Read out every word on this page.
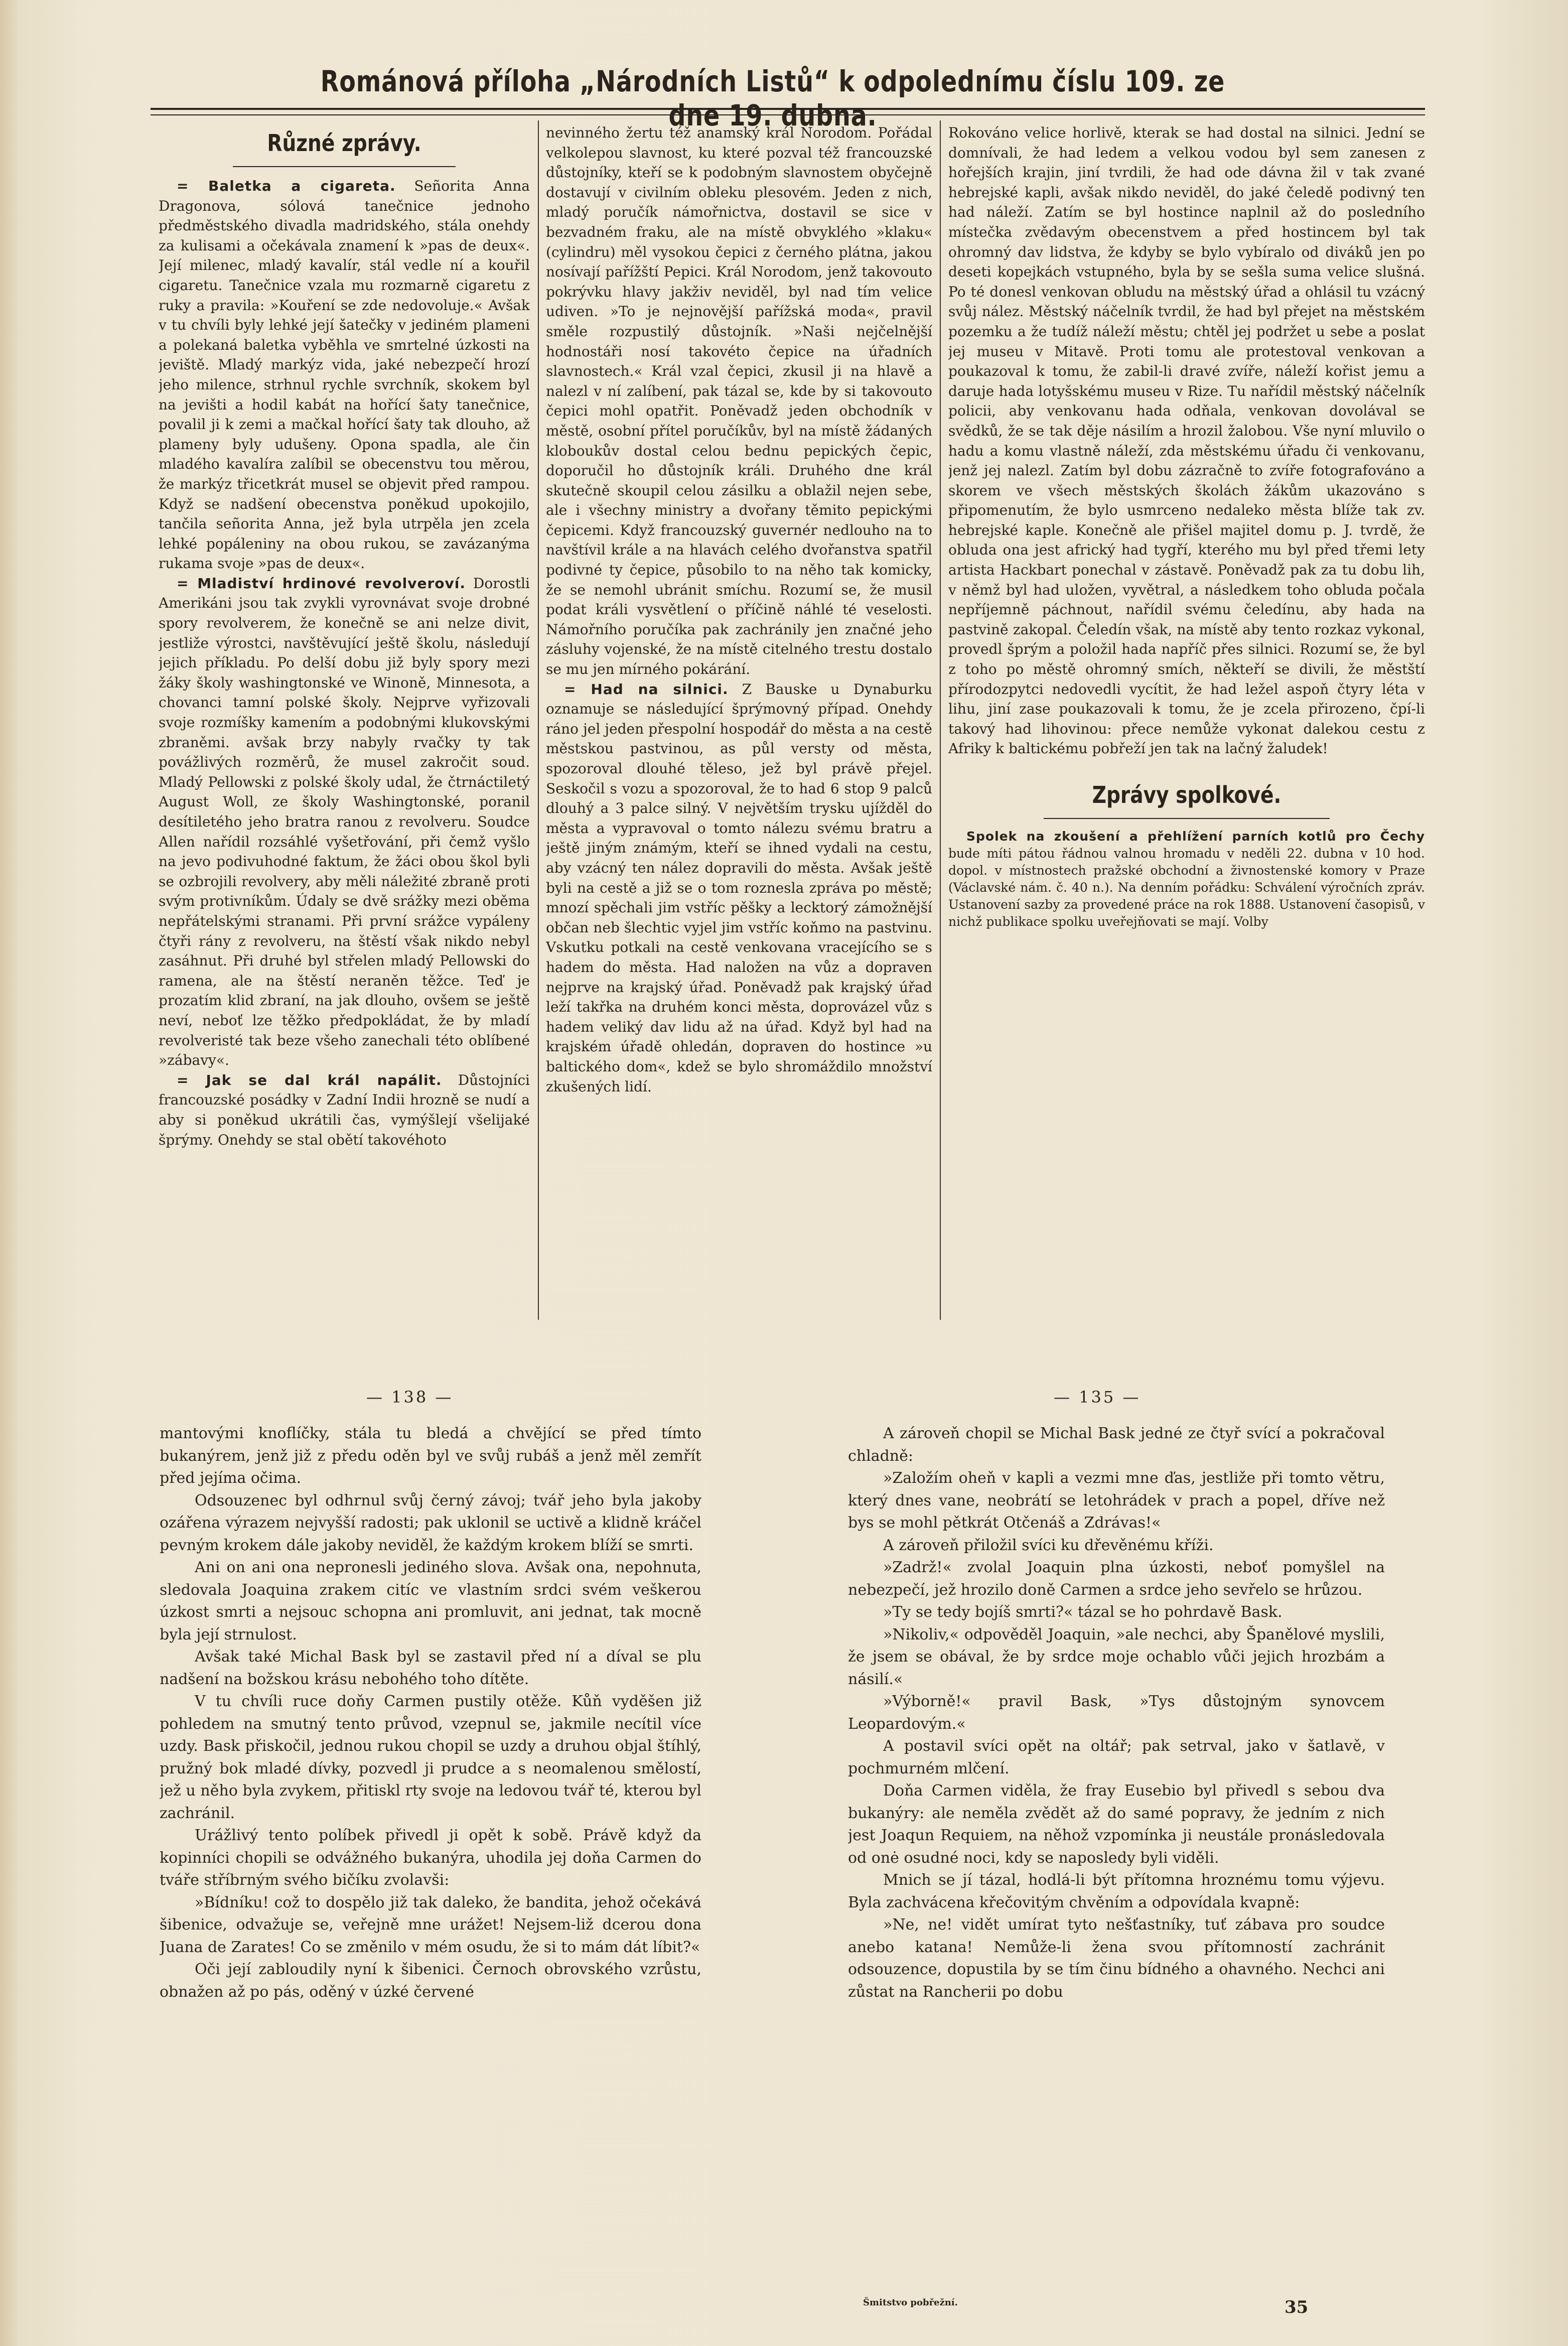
Románová příloha „Národních Listů“ k odpolednímu číslu 109. ze dne 19. dubna.
Různé zprávy.

= Baletka a cigareta. Señorita Anna Dragonova, sólová tanečnice jednoho předměstského divadla madridského, stála onehdy za kulisami a očekávala znamení k »pas de deux«. Její milenec, mladý kavalír, stál vedle ní a kouřil cigaretu. Tanečnice vzala mu rozmarně cigaretu z ruky a pravila: »Kouření se zde nedovoluje.« Avšak v tu chvíli byly lehké její šatečky v jediném plameni a polekaná baletka vyběhla ve smrtelné úzkosti na jeviště. Mladý markýz vida, jaké nebezpečí hrozí jeho milence, strhnul rychle svrchník, skokem byl na jevišti a hodil kabát na hořící šaty tanečnice, povalil ji k zemi a mačkal hořící šaty tak dlouho, až plameny byly udušeny. Opona spadla, ale čin mladého kavalíra zalíbil se obecenstvu tou měrou, že markýz třicetkrát musel se objevit před rampou. Když se nadšení obecenstva poněkud upokojilo, tančila señorita Anna, jež byla utrpěla jen zcela lehké popáleniny na obou rukou, se zavázanýma rukama svoje »pas de deux«.

= Mladiství hrdinové revolveroví. Dorostli Amerikáni jsou tak zvykli vyrovnávat svoje drobné spory revolverem, že konečně se ani nelze divit, jestliže výrostci, navštěvující ještě školu, následují jejich příkladu. Po delší dobu již byly spory mezi žáky školy washingtonské ve Winoně, Minnesota, a chovanci tamní polské školy. Nejprve vyřizovali svoje rozmíšky kamením a podobnými klukovskými zbraněmi. avšak brzy nabyly rvačky ty tak povážlivých rozměrů, že musel zakročit soud. Mladý Pellowski z polské školy udal, že čtrnáctiletý August Woll, ze školy Washingtonské, poranil desítiletého jeho bratra ranou z revolveru. Soudce Allen nařídil rozsáhlé vyšetřování, při čemž vyšlo na jevo podivuhodné faktum, že žáci obou škol byli se ozbrojili revolvery, aby měli náležité zbraně proti svým protivníkům. Údaly se dvě srážky mezi oběma nepřátelskými stranami. Při první srážce vypáleny čtyři rány z revolveru, na štěstí však nikdo nebyl zasáhnut. Při druhé byl střelen mladý Pellowski do ramena, ale na štěstí neraněn těžce. Teď je prozatím klid zbraní, na jak dlouho, ovšem se ještě neví, neboť lze těžko předpokládat, že by mladí revolveristé tak beze všeho zanechali této oblíbené »zábavy«.

= Jak se dal král napálit. Důstojníci francouzské posádky v Zadní Indii hrozně se nudí a aby si poněkud ukrátili čas, vymýšlejí všelijaké šprýmy. Onehdy se stal obětí takovéhoto

nevinného žertu též anamský král Norodom. Pořádal velkolepou slavnost, ku které pozval též francouzské důstojníky, kteří se k podobným slavnostem obyčejně dostavují v civilním obleku plesovém. Jeden z nich, mladý poručík námořnictva, dostavil se sice v bezvadném fraku, ale na místě obvyklého »klaku« (cylindru) měl vysokou čepici z černého plátna, jakou nosívají pařížští Pepici. Král Norodom, jenž takovouto pokrývku hlavy jakživ neviděl, byl nad tím velice udiven. »To je nejnovější pařížská moda«, pravil směle rozpustilý důstojník. »Naši nejčelnější hodnostáři nosí takovéto čepice na úřadních slavnostech.« Král vzal čepici, zkusil ji na hlavě a nalezl v ní zalíbení, pak tázal se, kde by si takovouto čepici mohl opatřit. Poněvadž jeden obchodník v městě, osobní přítel poručíkův, byl na místě žádaných kloboukův dostal celou bednu pepických čepic, doporučil ho důstojník králi. Druhého dne král skutečně skoupil celou zásilku a oblažil nejen sebe, ale i všechny ministry a dvořany těmito pepickými čepicemi. Když francouzský guvernér nedlouho na to navštívil krále a na hlavách celého dvořanstva spatřil podivné ty čepice, působilo to na něho tak komicky, že se nemohl ubránit smíchu. Rozumí se, že musil podat králi vysvětlení o příčině náhlé té veselosti. Námořního poručíka pak zachránily jen značné jeho zásluhy vojenské, že na místě citelného trestu dostalo se mu jen mírného pokárání.

= Had na silnici. Z Bauske u Dynaburku oznamuje se následující šprýmovný případ. Onehdy ráno jel jeden přespolní hospodář do města a na cestě městskou pastvinou, as půl versty od města, spozoroval dlouhé těleso, jež byl právě přejel. Seskočil s vozu a spozoroval, že to had 6 stop 9 palců dlouhý a 3 palce silný. V největším trysku ujížděl do města a vypravoval o tomto nálezu svému bratru a ještě jiným známým, kteří se ihned vydali na cestu, aby vzácný ten nález dopravili do města. Avšak ještě byli na cestě a již se o tom roznesla zpráva po městě; mnozí spěchali jim vstříc pěšky a lecktorý zámožnější občan neb šlechtic vyjel jim vstříc koňmo na pastvinu. Vskutku potkali na cestě venkovana vracejícího se s hadem do města. Had naložen na vůz a dopraven nejprve na krajský úřad. Poněvadž pak krajský úřad leží takřka na druhém konci města, doprovázel vůz s hadem veliký dav lidu až na úřad. Když byl had na krajském úřadě ohledán, dopraven do hostince »u baltického dom«, kdež se bylo shromáždilo množství zkušených lidí.

Rokováno velice horlivě, kterak se had dostal na silnici. Jední se domnívali, že had ledem a velkou vodou byl sem zanesen z hořejších krajin, jiní tvrdili, že had ode dávna žil v tak zvané hebrejské kapli, avšak nikdo neviděl, do jaké čeledě podivný ten had náleží. Zatím se byl hostince naplnil až do posledního místečka zvědavým obecenstvem a před hostincem byl tak ohromný dav lidstva, že kdyby se bylo vybíralo od diváků jen po deseti kopejkách vstupného, byla by se sešla suma velice slušná. Po té donesl venkovan obludu na městský úřad a ohlásil tu vzácný svůj nález. Městský náčelník tvrdil, že had byl přejet na městském pozemku a že tudíž náleží městu; chtěl jej podržet u sebe a poslat jej museu v Mitavě. Proti tomu ale protestoval venkovan a poukazoval k tomu, že zabil-li dravé zvíře, náleží kořist jemu a daruje hada lotyšskému museu v Rize. Tu nařídil městský náčelník policii, aby venkovanu hada odňala, venkovan dovolával se svědků, že se tak děje násilím a hrozil žalobou. Vše nyní mluvilo o hadu a komu vlastně náleží, zda městskému úřadu či venkovanu, jenž jej nalezl. Zatím byl dobu zázračně to zvíře fotografováno a skorem ve všech městských školách žákům ukazováno s připomenutím, že bylo usmrceno nedaleko města blíže tak zv. hebrejské kaple. Konečně ale přišel majitel domu p. J. tvrdě, že obluda ona jest africký had tygří, kterého mu byl před třemi lety artista Hackbart ponechal v zástavě. Poněvadž pak za tu dobu lih, v němž byl had uložen, vyvětral, a následkem toho obluda počala nepříjemně páchnout, nařídil svému čeledínu, aby hada na pastvině zakopal. Čeledín však, na místě aby tento rozkaz vykonal, provedl šprým a položil hada napříč přes silnici. Rozumí se, že byl z toho po městě ohromný smích, někteří se divili, že městští přírodozpytci nedovedli vycítit, že had ležel aspoň čtyry léta v lihu, jiní zase poukazovali k tomu, že je zcela přirozeno, čpí-li takový had lihovinou: přece nemůže vykonat dalekou cestu z Afriky k baltickému pobřeží jen tak na lačný žaludek!

Zprávy spolkové.

Spolek na zkoušení a přehlížení parních kotlů pro Čechy bude míti pátou řádnou valnou hromadu v neděli 22. dubna v 10 hod. dopol. v místnostech pražské obchodní a živnostenské komory v Praze (Václavské nám. č. 40 n.). Na denním pořádku: Schválení výročních zpráv. Ustanovení sazby za provedené práce na rok 1888. Ustanovení časopisů, v nichž publikace spolku uveřejňovati se mají. Volby

— 138 —	— 135 —

mantovými knoflíčky, stála tu bledá a chvějící se před tímto bukanýrem, jenž již z předu oděn byl ve svůj rubáš a jenž měl zemřít před jejíma očima.

Odsouzenec byl odhrnul svůj černý závoj; tvář jeho byla jakoby ozářena výrazem nejvyšší radosti; pak uklonil se uctivě a klidně kráčel pevným krokem dále jakoby neviděl, že každým krokem blíží se smrti.

Ani on ani ona nepronesli jediného slova. Avšak ona, nepohnuta, sledovala Joaquina zrakem citíc ve vlastním srdci svém veškerou úzkost smrti a nejsouc schopna ani promluvit, ani jednat, tak mocně byla její strnulost.

Avšak také Michal Bask byl se zastavil před ní a díval se plu nadšení na božskou krásu nebohého toho dítěte.

V tu chvíli ruce doňy Carmen pustily otěže. Kůň vyděšen již pohledem na smutný tento průvod, vzepnul se, jakmile necítil více uzdy. Bask přiskočil, jednou rukou chopil se uzdy a druhou objal štíhlý, pružný bok mladé dívky, pozvedl ji prudce a s neomalenou smělostí, jež u něho byla zvykem, přitiskl rty svoje na ledovou tvář té, kterou byl zachránil.

Urážlivý tento políbek přivedl ji opět k sobě. Právě když da kopinníci chopili se odvážného bukanýra, uhodila jej doňa Carmen do tváře stříbrným svého bičíku zvolavši:

»Bídníku! což to dospělo již tak daleko, že bandita, jehož očekává šibenice, odvažuje se, veřejně mne urážet! Nejsem-liž dcerou dona Juana de Zarates! Co se změnilo v mém osudu, že si to mám dát líbit?«

Oči její zabloudily nyní k šibenici. Černoch obrovského vzrůstu, obnažen až po pás, oděný v úzké červené

A zároveň chopil se Michal Bask jedné ze čtyř svící a pokračoval chladně:

»Založím oheň v kapli a vezmi mne ďas, jestliže při tomto větru, který dnes vane, neobrátí se letohrádek v prach a popel, dříve než bys se mohl pětkrát Otčenáš a Zdrávas!«

A zároveň přiložil svíci ku dřevěnému kříži.

»Zadrž!« zvolal Joaquin plna úzkosti, neboť pomyšlel na nebezpečí, jež hrozilo doně Carmen a srdce jeho sevřelo se hrůzou.

»Ty se tedy bojíš smrti?« tázal se ho pohrdavě Bask.

»Nikoliv,« odpověděl Joaquin, »ale nechci, aby Španělové myslili, že jsem se obával, že by srdce moje ochablo vůči jejich hrozbám a násilí.«

»Výborně!« pravil Bask, »Tys důstojným synovcem Leopardovým.«

A postavil svíci opět na oltář; pak setrval, jako v šatlavě, v pochmurném mlčení.

Doňa Carmen viděla, že fray Eusebio byl přivedl s sebou dva bukanýry: ale neměla zvědět až do samé popravy, že jedním z nich jest Joaqun Requiem, na něhož vzpomínka ji neustále pronásledovala od onė osudné noci, kdy se naposledy byli viděli.

Mnich se jí tázal, hodlá-li být přítomna hroznému tomu výjevu. Byla zachvácena křečovitým chvěním a odpovídala kvapně:

»Ne, ne! vidět umírat tyto nešťastníky, tuť zábava pro soudce anebo katana! Nemůže-li žena svou přítomností zachránit odsouzence, dopustila by se tím činu bídného a ohavného. Nechci ani zůstat na Rancherii po dobu

Šmitstvo pobřežní.	35
